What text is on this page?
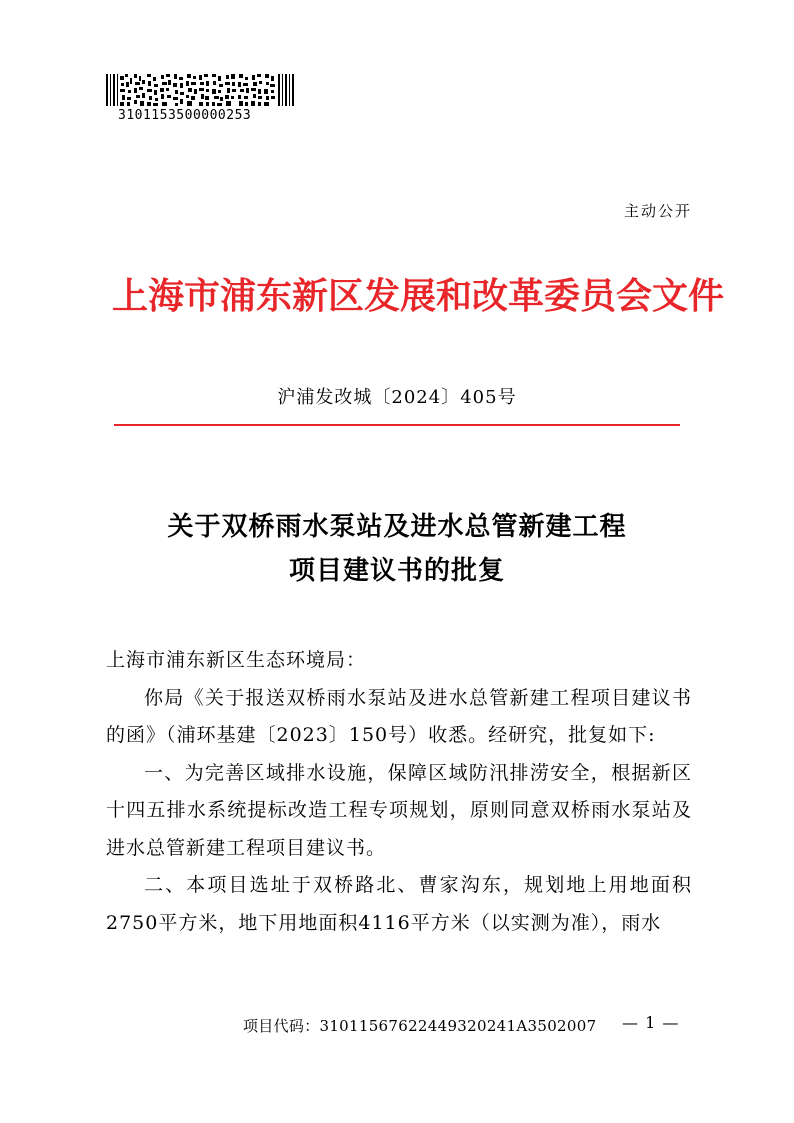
3101153500000253
主动公开
上海市浦东新区发展和改革委员会文件
沪浦发改城〔2024〕405号
关于双桥雨水泵站及进水总管新建工程
项目建议书的批复

上海市浦东新区生态环境局：

你局《关于报送双桥雨水泵站及进水总管新建工程项目建议书的函》（浦环基建〔2023〕150号）收悉。经研究，批复如下:

一、为完善区域排水设施，保障区域防汛排涝安全，根据新区十四五排水系统提标改造工程专项规划，原则同意双桥雨水泵站及进水总管新建工程项目建议书。

二、本项目选址于双桥路北、曹家沟东，规划地上用地面积2750平方米，地下用地面积4116平方米（以实测为准），雨水

项目代码：3101156762244932024​1A3502007 — 1 —
